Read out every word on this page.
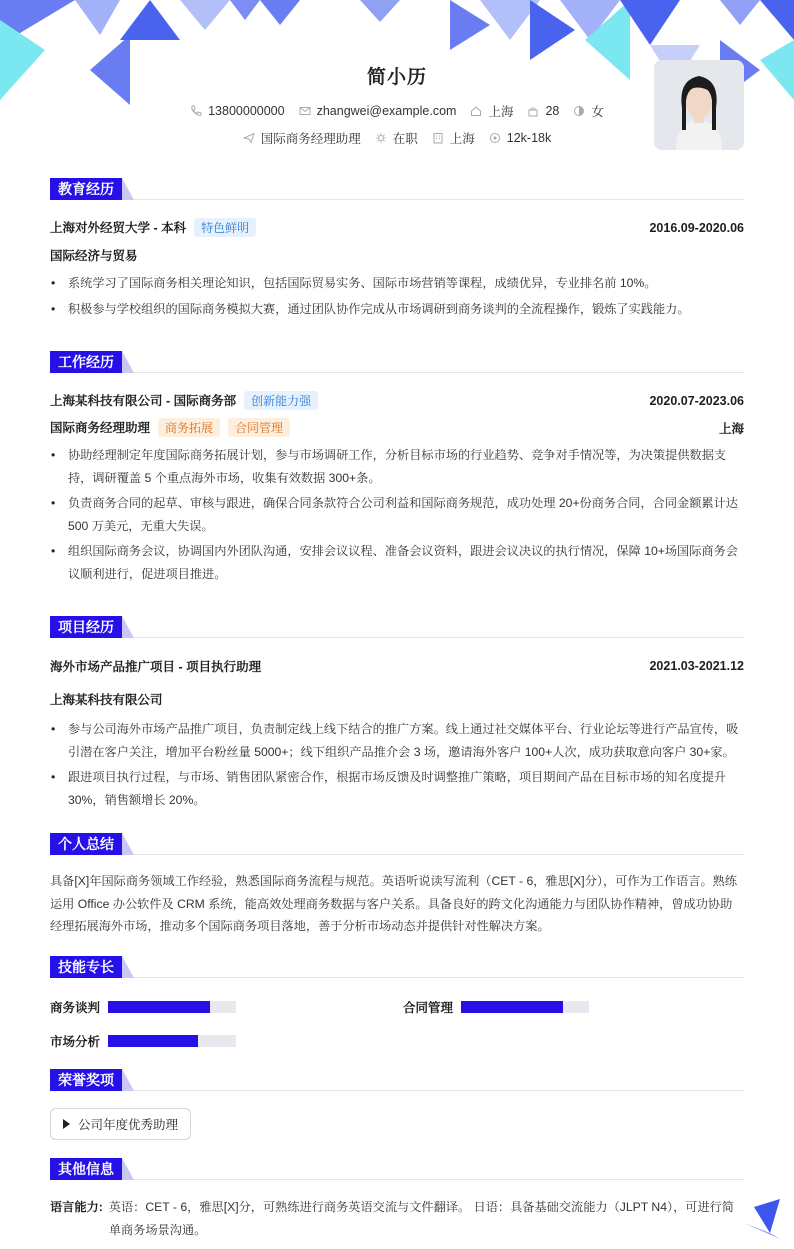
简小历
13800000000	zhangwei@example.com	上海	28	女
国际商务经理助理	在职	上海	12k-18k
教育经历
上海对外经贸大学 - 本科 特色鲜明	2016.09-2020.06
国际经济与贸易
• 系统学习了国际商务相关理论知识，包括国际贸易实务、国际市场营销等课程，成绩优异，专业排名前 10%。
• 积极参与学校组织的国际商务模拟大赛，通过团队协作完成从市场调研到商务谈判的全流程操作，锻炼了实践能力。
工作经历
上海某科技有限公司 - 国际商务部 创新能力强	2020.07-2023.06
国际商务经理助理 商务拓展 合同管理	上海
• 协助经理制定年度国际商务拓展计划，参与市场调研工作，分析目标市场的行业趋势、竞争对手情况等，为决策提供数据支持，调研覆盖 5 个重点海外市场，收集有效数据 300+条。
• 负责商务合同的起草、审核与跟进，确保合同条款符合公司利益和国际商务规范，成功处理 20+份商务合同，合同金额累计达 500 万美元，无重大失误。
• 组织国际商务会议，协调国内外团队沟通，安排会议议程、准备会议资料，跟进会议决议的执行情况，保障 10+场国际商务会议顺利进行，促进项目推进。
项目经历
海外市场产品推广项目 - 项目执行助理	2021.03-2021.12
上海某科技有限公司
• 参与公司海外市场产品推广项目，负责制定线上线下结合的推广方案。线上通过社交媒体平台、行业论坛等进行产品宣传，吸引潜在客户关注，增加平台粉丝量 5000+；线下组织产品推介会 3 场，邀请海外客户 100+人次，成功获取意向客户 30+家。
• 跟进项目执行过程，与市场、销售团队紧密合作，根据市场反馈及时调整推广策略，项目期间产品在目标市场的知名度提升 30%，销售额增长 20%。
个人总结

具备[X]年国际商务领域工作经验，熟悉国际商务流程与规范。英语听说读写流利（CET - 6，雅思[X]分），可作为工作语言。熟练运用 Office 办公软件及 CRM 系统，能高效处理商务数据与客户关系。具备良好的跨文化沟通能力与团队协作精神，曾成功协助经理拓展海外市场，推动多个国际商务项目落地，善于分析市场动态并提供针对性解决方案。

技能专长
商务谈判	合同管理
市场分析
荣誉奖项
公司年度优秀助理
其他信息
语言能力: 英语：CET - 6，雅思[X]分，可熟练进行商务英语交流与文件翻译。 日语：具备基础交流能力（JLPT N4），可进行简单商务场景沟通。
